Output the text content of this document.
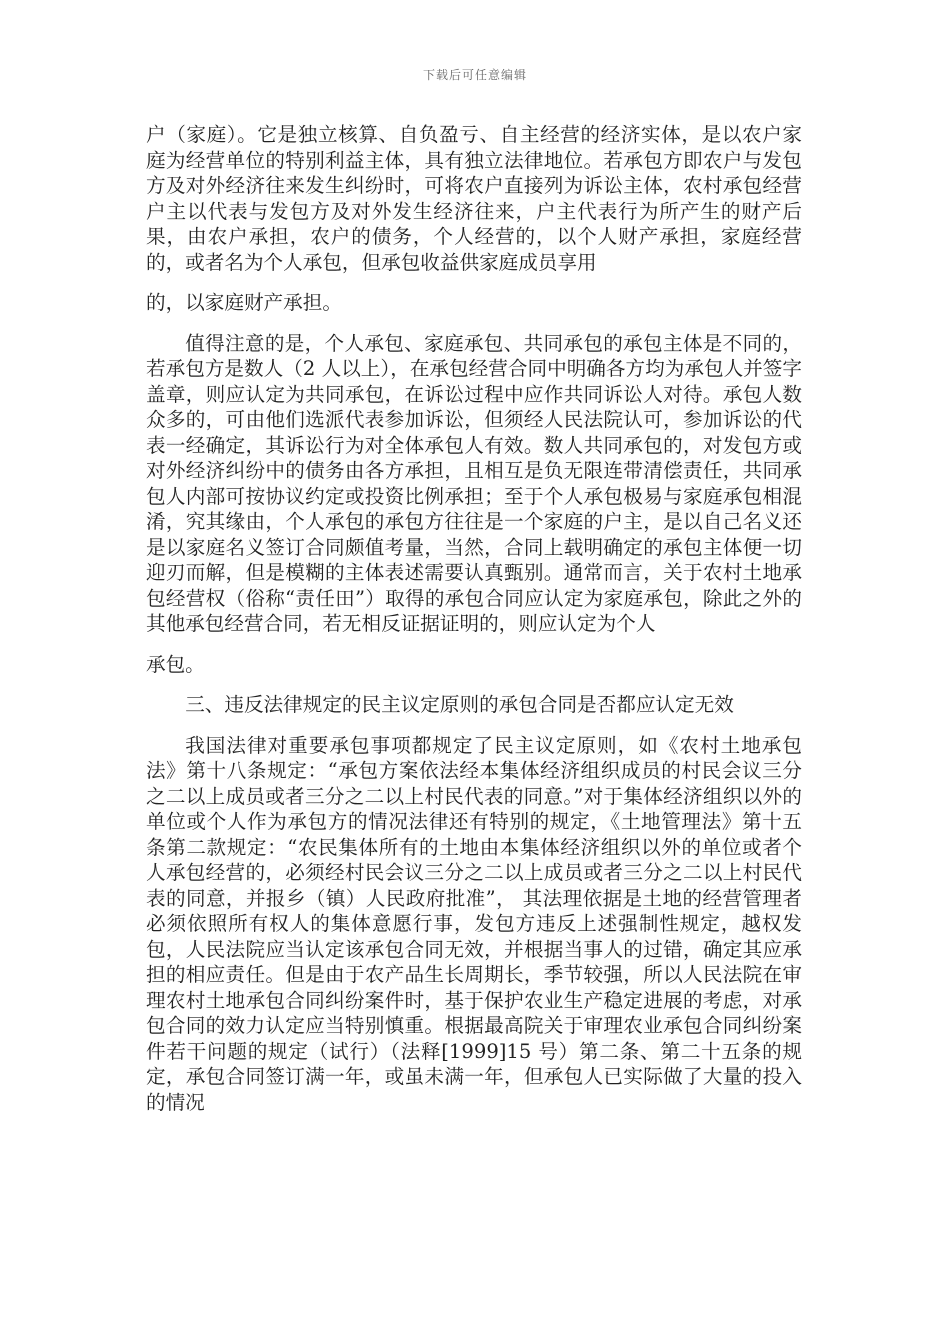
下载后可任意编辑

户（家庭）。它是独立核算、自负盈亏、自主经营的经济实体，是以农户家庭为经营单位的特别利益主体，具有独立法律地位。若承包方即农户与发包方及对外经济往来发生纠纷时，可将农户直接列为诉讼主体，农村承包经营户主以代表与发包方及对外发生经济往来，户主代表行为所产生的财产后果，由农户承担，农户的债务，个人经营的，以个人财产承担，家庭经营的，或者名为个人承包，但承包收益供家庭成员享用

的，以家庭财产承担。

值得注意的是，个人承包、家庭承包、共同承包的承包主体是不同的，若承包方是数人（2 人以上），在承包经营合同中明确各方均为承包人并签字盖章，则应认定为共同承包，在诉讼过程中应作共同诉讼人对待。承包人数众多的，可由他们选派代表参加诉讼，但须经人民法院认可，参加诉讼的代表一经确定，其诉讼行为对全体承包人有效。数人共同承包的，对发包方或对外经济纠纷中的债务由各方承担，且相互是负无限连带清偿责任，共同承包人内部可按协议约定或投资比例承担；至于个人承包极易与家庭承包相混淆，究其缘由，个人承包的承包方往往是一个家庭的户主，是以自己名义还是以家庭名义签订合同颇值考量，当然，合同上载明确定的承包主体便一切迎刃而解，但是模糊的主体表述需要认真甄别。通常而言，关于农村土地承包经营权（俗称“责任田”）取得的承包合同应认定为家庭承包，除此之外的其他承包经营合同，若无相反证据证明的，则应认定为个人

承包。

三、违反法律规定的民主议定原则的承包合同是否都应认定无效

我国法律对重要承包事项都规定了民主议定原则，如《农村土地承包法》第十八条规定：“承包方案依法经本集体经济组织成员的村民会议三分之二以上成员或者三分之二以上村民代表的同意。”对于集体经济组织以外的单位或个人作为承包方的情况法律还有特别的规定，《土地管理法》第十五条第二款规定：“农民集体所有的土地由本集体经济组织以外的单位或者个人承包经营的，必须经村民会议三分之二以上成员或者三分之二以上村民代表的同意，并报乡（镇）人民政府批准”， 其法理依据是土地的经营管理者必须依照所有权人的集体意愿行事，发包方违反上述强制性规定，越权发包，人民法院应当认定该承包合同无效，并根据当事人的过错，确定其应承担的相应责任。但是由于农产品生长周期长，季节较强，所以人民法院在审理农村土地承包合同纠纷案件时，基于保护农业生产稳定进展的考虑，对承包合同的效力认定应当特别慎重。根据最高院关于审理农业承包合同纠纷案件若干问题的规定（试行）（法释[1999]15 号）第二条、第二十五条的规定，承包合同签订满一年，或虽未满一年，但承包人已实际做了大量的投入的情况
